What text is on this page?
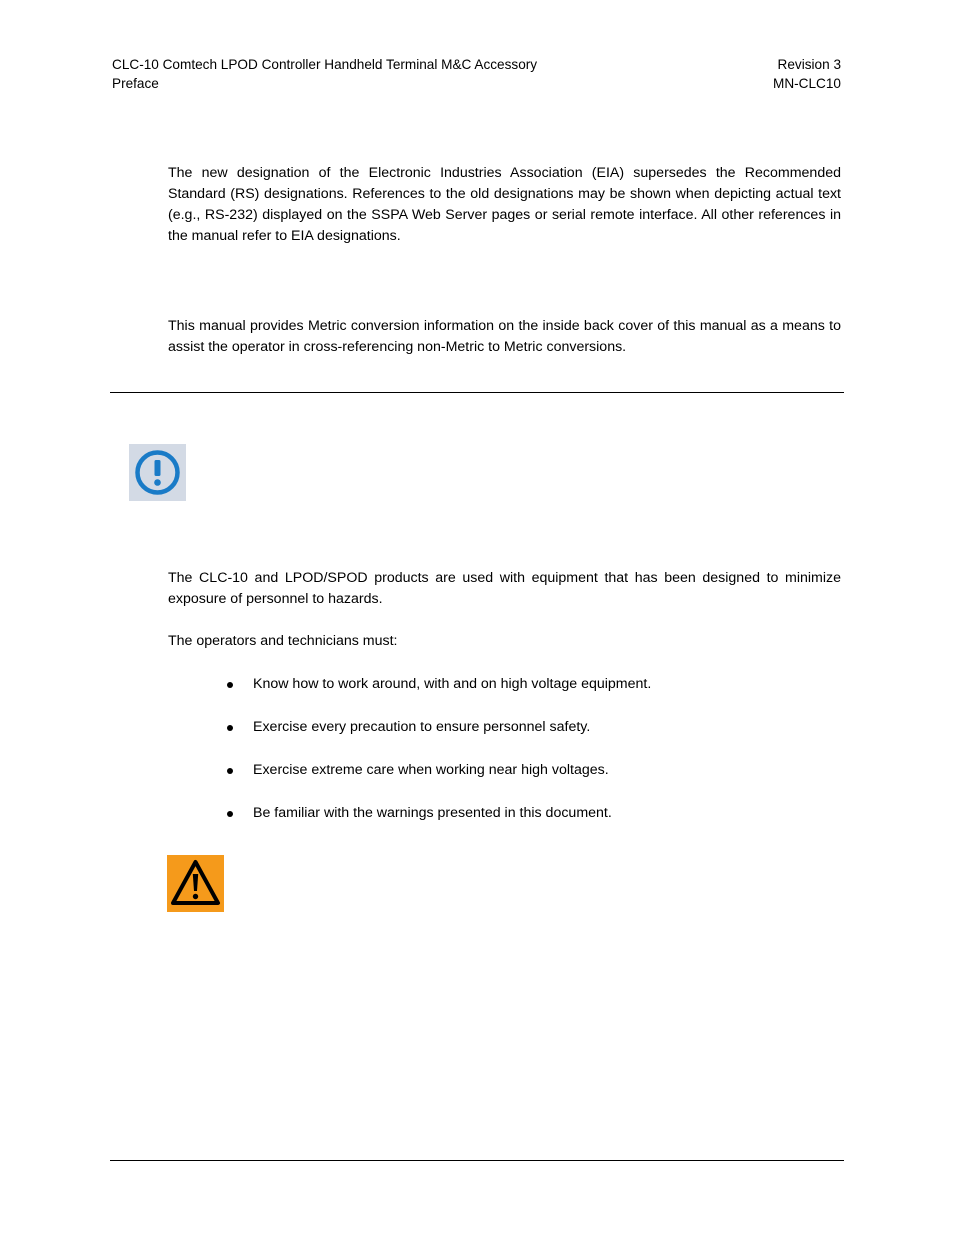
CLC-10 Comtech LPOD Controller Handheld Terminal M&C Accessory
Preface
Revision 3
MN-CLC10
The new designation of the Electronic Industries Association (EIA) supersedes the Recommended Standard (RS) designations. References to the old designations may be shown when depicting actual text (e.g., RS-232) displayed on the SSPA Web Server pages or serial remote interface. All other references in the manual refer to EIA designations.
This manual provides Metric conversion information on the inside back cover of this manual as a means to assist the operator in cross-referencing non-Metric to Metric conversions.
The CLC-10 and LPOD/SPOD products are used with equipment that has been designed to minimize exposure of personnel to hazards.
The operators and technicians must:
Know how to work around, with and on high voltage equipment.
Exercise every precaution to ensure personnel safety.
Exercise extreme care when working near high voltages.
Be familiar with the warnings presented in this document.
